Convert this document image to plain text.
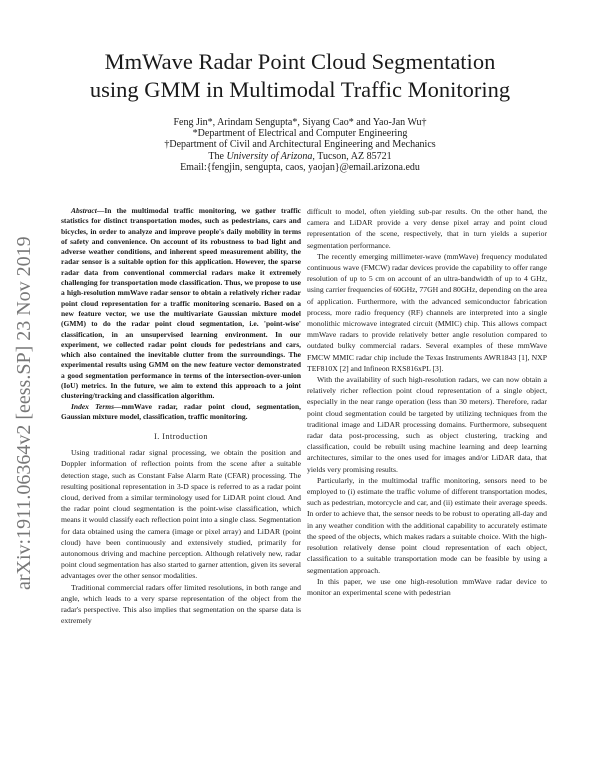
MmWave Radar Point Cloud Segmentation
using GMM in Multimodal Traffic Monitoring
Feng Jin*, Arindam Sengupta*, Siyang Cao* and Yao-Jan Wu†
*Department of Electrical and Computer Engineering
†Department of Civil and Architectural Engineering and Mechanics
The University of Arizona, Tucson, AZ 85721
Email:{fengjin, sengupta, caos, yaojan}@email.arizona.edu
arXiv:1911.06364v2 [eess.SP] 23 Nov 2019

Abstract—In the multimodal traffic monitoring, we gather traffic statistics for distinct transportation modes, such as pedestrians, cars and bicycles, in order to analyze and improve people's daily mobility in terms of safety and convenience. On account of its robustness to bad light and adverse weather conditions, and inherent speed measurement ability, the radar sensor is a suitable option for this application. However, the sparse radar data from conventional commercial radars make it extremely challenging for transportation mode classification. Thus, we propose to use a high-resolution mmWave radar sensor to obtain a relatively richer radar point cloud representation for a traffic monitoring scenario. Based on a new feature vector, we use the multivariate Gaussian mixture model (GMM) to do the radar point cloud segmentation, i.e. 'point-wise' classification, in an unsupervised learning environment. In our experiment, we collected radar point clouds for pedestrians and cars, which also contained the inevitable clutter from the surroundings. The experimental results using GMM on the new feature vector demonstrated a good segmentation performance in terms of the intersection-over-union (IoU) metrics. In the future, we aim to extend this approach to a joint clustering/tracking and classification algorithm.

Index Terms—mmWave radar, radar point cloud, segmentation, Gaussian mixture model, classification, traffic monitoring.

I. Introduction

Using traditional radar signal processing, we obtain the position and Doppler information of reflection points from the scene after a suitable detection stage, such as Constant False Alarm Rate (CFAR) processing. The resulting positional representation in 3-D space is referred to as a radar point cloud, derived from a similar terminology used for LiDAR point cloud. And the radar point cloud segmentation is the point-wise classification, which means it would classify each reflection point into a single class. Segmentation for data obtained using the camera (image or pixel array) and LiDAR (point cloud) have been continuously and extensively studied, primarily for autonomous driving and machine perception. Although relatively new, radar point cloud segmentation has also started to garner attention, given its several advantages over the other sensor modalities.

Traditional commercial radars offer limited resolutions, in both range and angle, which leads to a very sparse representation of the object from the radar's perspective. This also implies that segmentation on the sparse data is extremely

difficult to model, often yielding sub-par results. On the other hand, the camera and LiDAR provide a very dense pixel array and point cloud representation of the scene, respectively, that in turn yields a superior segmentation performance.

The recently emerging millimeter-wave (mmWave) frequency modulated continuous wave (FMCW) radar devices provide the capability to offer range resolution of up to 5 cm on account of an ultra-bandwidth of up to 4 GHz, using carrier frequencies of 60GHz, 77GH and 80GHz, depending on the area of application. Furthermore, with the advanced semiconductor fabrication process, more radio frequency (RF) channels are interpreted into a single monolithic microwave integrated circuit (MMIC) chip. This allows compact mmWave radars to provide relatively better angle resolution compared to outdated bulky commercial radars. Several examples of these mmWave FMCW MMIC radar chip include the Texas Instruments AWR1843 [1], NXP TEF810X [2] and Infineon RXS816xPL [3].

With the availability of such high-resolution radars, we can now obtain a relatively richer reflection point cloud representation of a single object, especially in the near range operation (less than 30 meters). Therefore, radar point cloud segmentation could be targeted by utilizing techniques from the traditional image and LiDAR processing domains. Furthermore, subsequent radar data post-processing, such as object clustering, tracking and classification, could be rebuilt using machine learning and deep learning architectures, similar to the ones used for images and/or LiDAR data, that yields very promising results.

Particularly, in the multimodal traffic monitoring, sensors need to be employed to (i) estimate the traffic volume of different transportation modes, such as pedestrian, motorcycle and car, and (ii) estimate their average speeds. In order to achieve that, the sensor needs to be robust to operating all-day and in any weather condition with the additional capability to accurately estimate the speed of the objects, which makes radars a suitable choice. With the high-resolution relatively dense point cloud representation of each object, classification to a suitable transportation mode can be feasible by using a segmentation approach.

In this paper, we use one high-resolution mmWave radar device to monitor an experimental scene with pedestrian
